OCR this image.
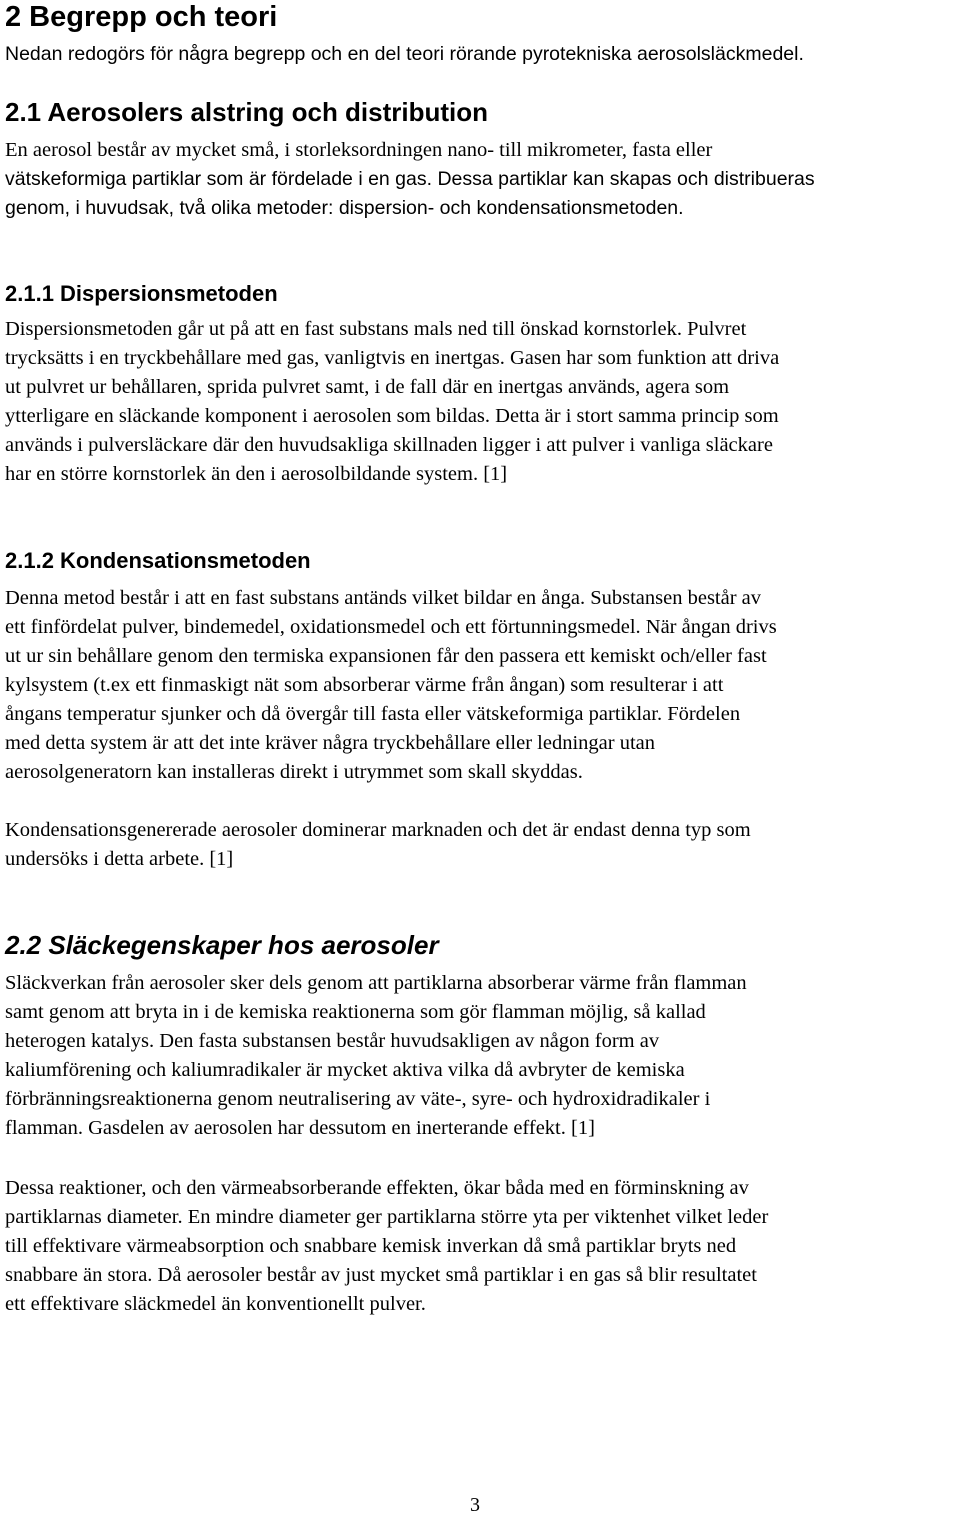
2 Begrepp och teori

Nedan redogörs för några begrepp och en del teori rörande pyrotekniska aerosolsläckmedel.

2.1 Aerosolers alstring och distribution
En aerosol består av mycket små, i storleksordningen nano- till mikrometer, fasta eller
vätskeformiga partiklar som är fördelade i en gas. Dessa partiklar kan skapas och distribueras
genom, i huvudsak, två olika metoder: dispersion- och kondensationsmetoden.
2.1.1 Dispersionsmetoden
Dispersionsmetoden går ut på att en fast substans mals ned till önskad kornstorlek. Pulvret
trycksätts i en tryckbehållare med gas, vanligtvis en inertgas. Gasen har som funktion att driva
ut pulvret ur behållaren, sprida pulvret samt, i de fall där en inertgas används, agera som
ytterligare en släckande komponent i aerosolen som bildas. Detta är i stort samma princip som
används i pulversläckare där den huvudsakliga skillnaden ligger i att pulver i vanliga släckare
har en större kornstorlek än den i aerosolbildande system. [1]
2.1.2 Kondensationsmetoden
Denna metod består i att en fast substans antänds vilket bildar en ånga. Substansen består av
ett finfördelat pulver, bindemedel, oxidationsmedel och ett förtunningsmedel. När ångan drivs
ut ur sin behållare genom den termiska expansionen får den passera ett kemiskt och/eller fast
kylsystem (t.ex ett finmaskigt nät som absorberar värme från ångan) som resulterar i att
ångans temperatur sjunker och då övergår till fasta eller vätskeformiga partiklar. Fördelen
med detta system är att det inte kräver några tryckbehållare eller ledningar utan
aerosolgeneratorn kan installeras direkt i utrymmet som skall skyddas.
Kondensationsgenererade aerosoler dominerar marknaden och det är endast denna typ som
undersöks i detta arbete. [1]
2.2 Släckegenskaper hos aerosoler
Släckverkan från aerosoler sker dels genom att partiklarna absorberar värme från flamman
samt genom att bryta in i de kemiska reaktionerna som gör flamman möjlig, så kallad
heterogen katalys. Den fasta substansen består huvudsakligen av någon form av
kaliumförening och kaliumradikaler är mycket aktiva vilka då avbryter de kemiska
förbränningsreaktionerna genom neutralisering av väte-, syre- och hydroxidradikaler i
flamman. Gasdelen av aerosolen har dessutom en inerterande effekt. [1]
Dessa reaktioner, och den värmeabsorberande effekten, ökar båda med en förminskning av
partiklarnas diameter. En mindre diameter ger partiklarna större yta per viktenhet vilket leder
till effektivare värmeabsorption och snabbare kemisk inverkan då små partiklar bryts ned
snabbare än stora. Då aerosoler består av just mycket små partiklar i en gas så blir resultatet
ett effektivare släckmedel än konventionellt pulver.
3
